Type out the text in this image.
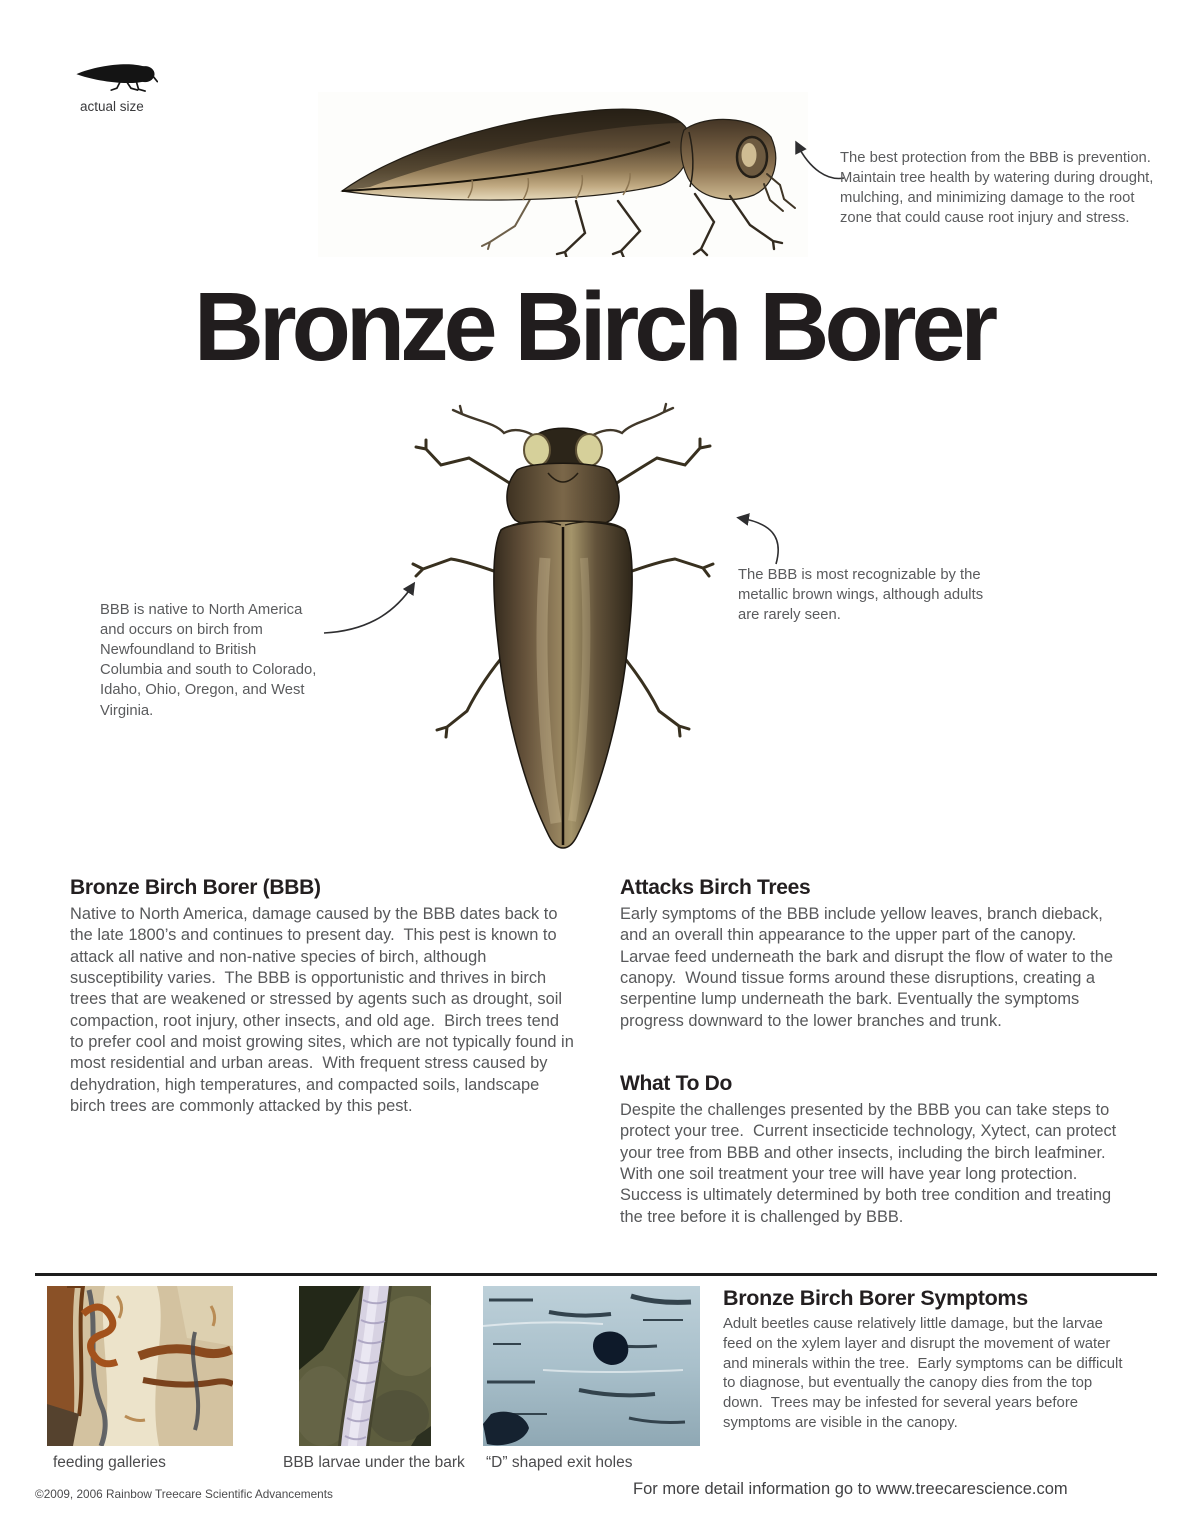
actual size
The best protection from the BBB is prevention.  Maintain tree health by watering during drought, mulching, and minimizing damage to the root zone that could cause root injury and stress.
Bronze Birch Borer
BBB is native to North America and occurs on birch from Newfoundland to British Columbia and south to Colorado, Idaho, Ohio, Oregon, and West Virginia.
The BBB is most recognizable by the metallic brown wings, although adults are rarely seen.
Bronze Birch Borer (BBB)

Native to North America, damage caused by the BBB dates back to the late 1800’s and continues to present day.  This pest is known to attack all native and non-native species of birch, although susceptibility varies.  The BBB is opportunistic and thrives in birch trees that are weakened or stressed by agents such as drought, soil compaction, root injury, other insects, and old age.  Birch trees tend to prefer cool and moist growing sites, which are not typically found in most residential and urban areas.  With frequent stress caused by dehydration, high temperatures, and compacted soils, landscape birch trees are commonly attacked by this pest.

Attacks Birch Trees

Early symptoms of the BBB include yellow leaves, branch dieback, and an overall thin appearance to the upper part of the canopy.  Larvae feed underneath the bark and disrupt the flow of water to the canopy.  Wound tissue forms around these disruptions, creating a serpentine lump underneath the bark. Eventually the symptoms progress downward to the lower branches and trunk.

What To Do

Despite the challenges presented by the BBB you can take steps to protect your tree.  Current insecticide technology, Xytect, can protect your tree from BBB and other insects, including the birch leafminer.  With one soil treatment your tree will have year long protection. Success is ultimately determined by both tree condition and treating the tree before it is challenged by BBB.

feeding galleries	BBB larvae under the bark “D” shaped exit holes
Bronze Birch Borer Symptoms

Adult beetles cause relatively little damage, but the larvae feed on the xylem layer and disrupt the movement of water and minerals within the tree.  Early symptoms can be difficult to diagnose, but eventually the canopy dies from the top down.  Trees may be infested for several years before symptoms are visible in the canopy.

©2009, 2006 Rainbow Treecare Scientific Advancements	For more detail information go to www.treecarescience.com
